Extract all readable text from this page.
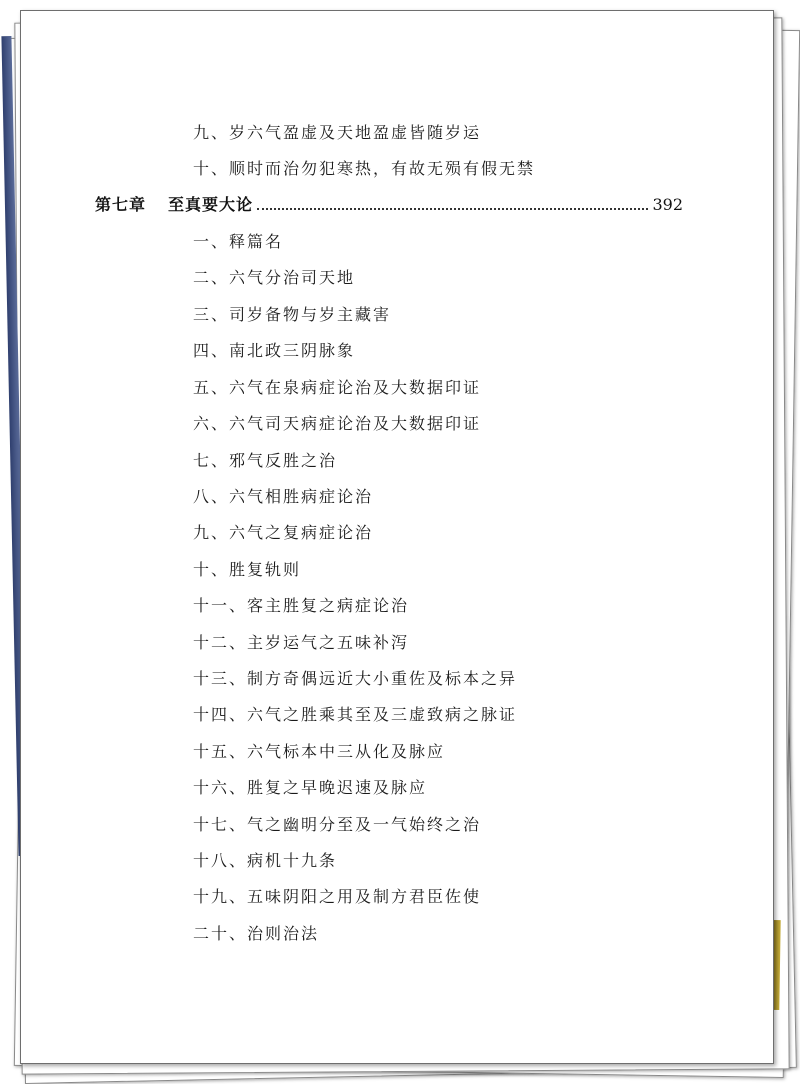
九、岁六气盈虚及天地盈虚皆随岁运
十、顺时而治勿犯寒热，有故无殒有假无禁
第七章 至真要大论	392
一、释篇名
二、六气分治司天地
三、司岁备物与岁主藏害
四、南北政三阴脉象
五、六气在泉病症论治及大数据印证
六、六气司天病症论治及大数据印证
七、邪气反胜之治
八、六气相胜病症论治
九、六气之复病症论治
十、胜复轨则
十一、客主胜复之病症论治
十二、主岁运气之五味补泻
十三、制方奇偶远近大小重佐及标本之异
十四、六气之胜乘其至及三虚致病之脉证
十五、六气标本中三从化及脉应
十六、胜复之早晚迟速及脉应
十七、气之幽明分至及一气始终之治
十八、病机十九条
十九、五味阴阳之用及制方君臣佐使
二十、治则治法
